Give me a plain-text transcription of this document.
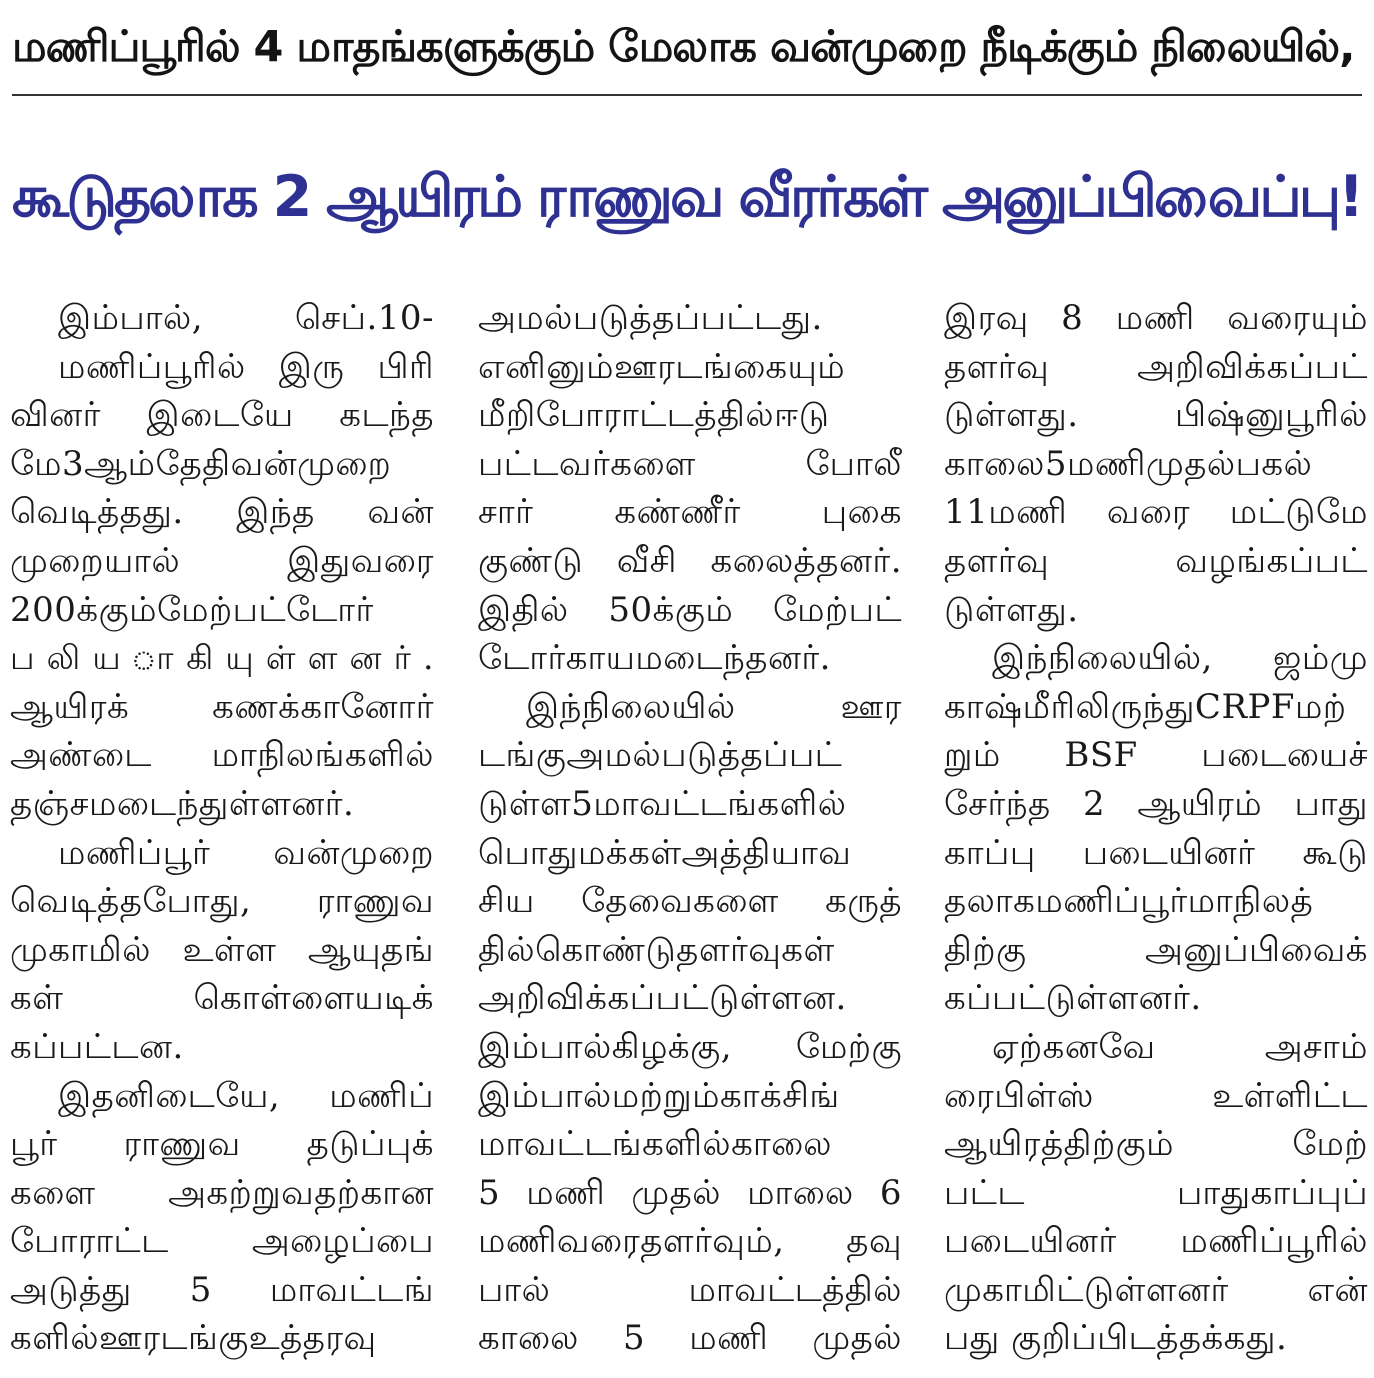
மணிப்பூரில் 4 மாதங்களுக்கும் மேலாக வன்முறை நீடிக்கும் நிலையில்,
கூடுதலாக 2 ஆயிரம் ராணுவ வீரர்கள் அனுப்பிவைப்பு!
இம்பால், செப்.10-
மணிப்பூரில் இரு பிரி
வினர் இடையே கடந்த
மே3ஆம்தேதிவன்முறை
வெடித்தது. இந்த வன்
முறையால் இதுவரை
200க்கும்மேற்பட்டோர்
ப லி ய ா கி யு ள் ள ன ர் .
ஆயிரக் கணக்கானோர்
அண்டை மாநிலங்களில்
தஞ்சமடைந்துள்ளனர்.
மணிப்பூர் வன்முறை
வெடித்தபோது, ராணுவ
முகாமில் உள்ள ஆயுதங்
கள் கொள்ளையடிக்
கப்பட்டன.
இதனிடையே, மணிப்
பூர் ராணுவ தடுப்புக்
களை அகற்றுவதற்கான
போராட்ட அழைப்பை
அடுத்து 5 மாவட்டங்
களில்ஊரடங்குஉத்தரவு
அமல்படுத்தப்பட்டது.
எனினும்ஊரடங்கையும்
மீறிபோராட்டத்தில்ஈடு
பட்டவர்களை போலீ
சார் கண்ணீர் புகை
குண்டு வீசி கலைத்தனர்.
இதில் 50க்கும் மேற்பட்
டோர்காயமடைந்தனர்.
இந்நிலையில் ஊர
டங்குஅமல்படுத்தப்பட்
டுள்ள5மாவட்டங்களில்
பொதுமக்கள்அத்தியாவ
சிய தேவைகளை கருத்
தில்கொண்டுதளர்வுகள்
அறிவிக்கப்பட்டுள்ளன.
இம்பால்கிழக்கு, மேற்கு
இம்பால்மற்றும்காக்சிங்
மாவட்டங்களில்காலை
5 மணி முதல் மாலை 6
மணிவரைதளர்வும், தவு
பால் மாவட்டத்தில்
காலை 5 மணி முதல்
இரவு 8 மணி வரையும்
தளர்வு அறிவிக்கப்பட்
டுள்ளது. பிஷ்னுபூரில்
காலை5மணிமுதல்பகல்
11மணி வரை மட்டுமே
தளர்வு வழங்கப்பட்
டுள்ளது.
இந்நிலையில், ஜம்மு
காஷ்மீரிலிருந்துCRPFமற்
றும் BSF படையைச்
சேர்ந்த 2 ஆயிரம் பாது
காப்பு படையினர் கூடு
தலாகமணிப்பூர்மாநிலத்
திற்கு அனுப்பிவைக்
கப்பட்டுள்ளனர்.
ஏற்கனவே அசாம்
ரைபிள்ஸ் உள்ளிட்ட
ஆயிரத்திற்கும் மேற்
பட்ட பாதுகாப்புப்
படையினர் மணிப்பூரில்
முகாமிட்டுள்ளனர் என்
பது குறிப்பிடத்தக்கது.
